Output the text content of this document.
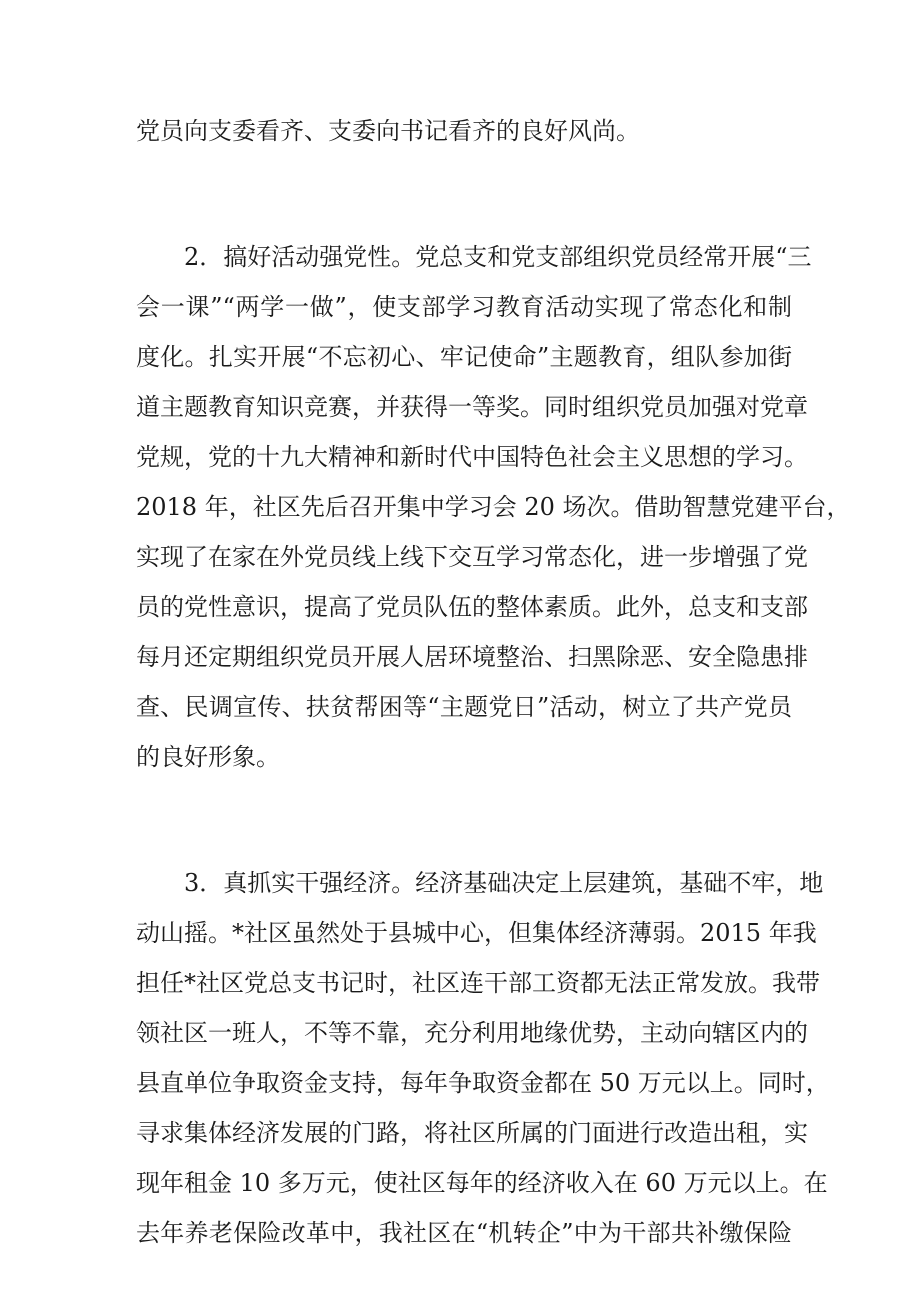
党员向支委看齐、支委向书记看齐的良好风尚。
2．搞好活动强党性。党总支和党支部组织党员经常开展“三
会一课”“两学一做”，使支部学习教育活动实现了常态化和制
度化。扎实开展“不忘初心、牢记使命”主题教育，组队参加街
道主题教育知识竞赛，并获得一等奖。同时组织党员加强对党章
党规，党的十九大精神和新时代中国特色社会主义思想的学习。
2018 年，社区先后召开集中学习会 20 场次。借助智慧党建平台，
实现了在家在外党员线上线下交互学习常态化，进一步增强了党
员的党性意识，提高了党员队伍的整体素质。此外，总支和支部
每月还定期组织党员开展人居环境整治、扫黑除恶、安全隐患排
查、民调宣传、扶贫帮困等“主题党日”活动，树立了共产党员
的良好形象。
3．真抓实干强经济。经济基础决定上层建筑，基础不牢，地
动山摇。*社区虽然处于县城中心，但集体经济薄弱。2015 年我
担任*社区党总支书记时，社区连干部工资都无法正常发放。我带
领社区一班人，不等不靠，充分利用地缘优势，主动向辖区内的
县直单位争取资金支持，每年争取资金都在 50 万元以上。同时，
寻求集体经济发展的门路，将社区所属的门面进行改造出租，实
现年租金 10 多万元，使社区每年的经济收入在 60 万元以上。在
去年养老保险改革中，我社区在“机转企”中为干部共补缴保险
